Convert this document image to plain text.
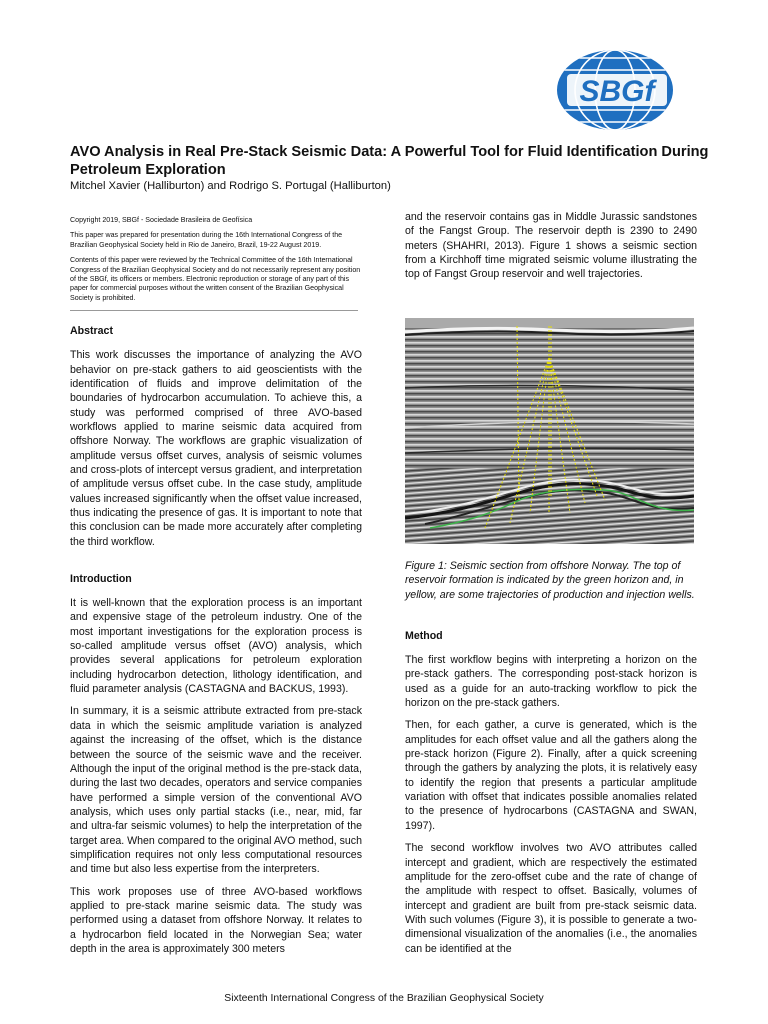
SBGf
AVO Analysis in Real Pre-Stack Seismic Data: A Powerful Tool for Fluid Identification During Petroleum Exploration
Mitchel Xavier (Halliburton) and Rodrigo S. Portugal (Halliburton)

Copyright 2019, SBGf - Sociedade Brasileira de Geofísica

This paper was prepared for presentation during the 16th International Congress of the Brazilian Geophysical Society held in Rio de Janeiro, Brazil, 19-22 August 2019.

Contents of this paper were reviewed by the Technical Committee of the 16th International Congress of the Brazilian Geophysical Society and do not necessarily represent any position of the SBGf, its officers or members. Electronic reproduction or storage of any part of this paper for commercial purposes without the written consent of the Brazilian Geophysical Society is prohibited.

Abstract

This work discusses the importance of analyzing the AVO behavior on pre-stack gathers to aid geoscientists with the identification of fluids and improve delimitation of the boundaries of hydrocarbon accumulation. To achieve this, a study was performed comprised of three AVO-based workflows applied to marine seismic data acquired from offshore Norway. The workflows are graphic visualization of amplitude versus offset curves, analysis of seismic volumes and cross-plots of intercept versus gradient, and interpretation of amplitude versus offset cube. In the case study, amplitude values increased significantly when the offset value increased, thus indicating the presence of gas. It is important to note that this conclusion can be made more accurately after completing the third workflow.

Introduction

It is well-known that the exploration process is an important and expensive stage of the petroleum industry. One of the most important investigations for the exploration process is so-called amplitude versus offset (AVO) analysis, which provides several applications for petroleum exploration including hydrocarbon detection, lithology identification, and fluid parameter analysis (CASTAGNA and BACKUS, 1993).

In summary, it is a seismic attribute extracted from pre-stack data in which the seismic amplitude variation is analyzed against the increasing of the offset, which is the distance between the source of the seismic wave and the receiver. Although the input of the original method is the pre-stack data, during the last two decades, operators and service companies have performed a simple version of the conventional AVO analysis, which uses only partial stacks (i.e., near, mid, far and ultra-far seismic volumes) to help the interpretation of the target area. When compared to the original AVO method, such simplification requires not only less computational resources and time but also less expertise from the interpreters.

This work proposes use of three AVO-based workflows applied to pre-stack marine seismic data. The study was performed using a dataset from offshore Norway. It relates to a hydrocarbon field located in the Norwegian Sea; water depth in the area is approximately 300 meters

and the reservoir contains gas in Middle Jurassic sandstones of the Fangst Group. The reservoir depth is 2390 to 2490 meters (SHAHRI, 2013). Figure 1 shows a seismic section from a Kirchhoff time migrated seismic volume illustrating the top of Fangst Group reservoir and well trajectories.

Figure 1: Seismic section from offshore Norway. The top of reservoir formation is indicated by the green horizon and, in yellow, are some trajectories of production and injection wells.

Method

The first workflow begins with interpreting a horizon on the pre-stack gathers. The corresponding post-stack horizon is used as a guide for an auto-tracking workflow to pick the horizon on the pre-stack gathers.

Then, for each gather, a curve is generated, which is the amplitudes for each offset value and all the gathers along the pre-stack horizon (Figure 2). Finally, after a quick screening through the gathers by analyzing the plots, it is relatively easy to identify the region that presents a particular amplitude variation with offset that indicates possible anomalies related to the presence of hydrocarbons (CASTAGNA and SWAN, 1997).

The second workflow involves two AVO attributes called intercept and gradient, which are respectively the estimated amplitude for the zero-offset cube and the rate of change of the amplitude with respect to offset. Basically, volumes of intercept and gradient are built from pre-stack seismic data. With such volumes (Figure 3), it is possible to generate a two-dimensional visualization of the anomalies (i.e., the anomalies can be identified at the

Sixteenth International Congress of the Brazilian Geophysical Society
